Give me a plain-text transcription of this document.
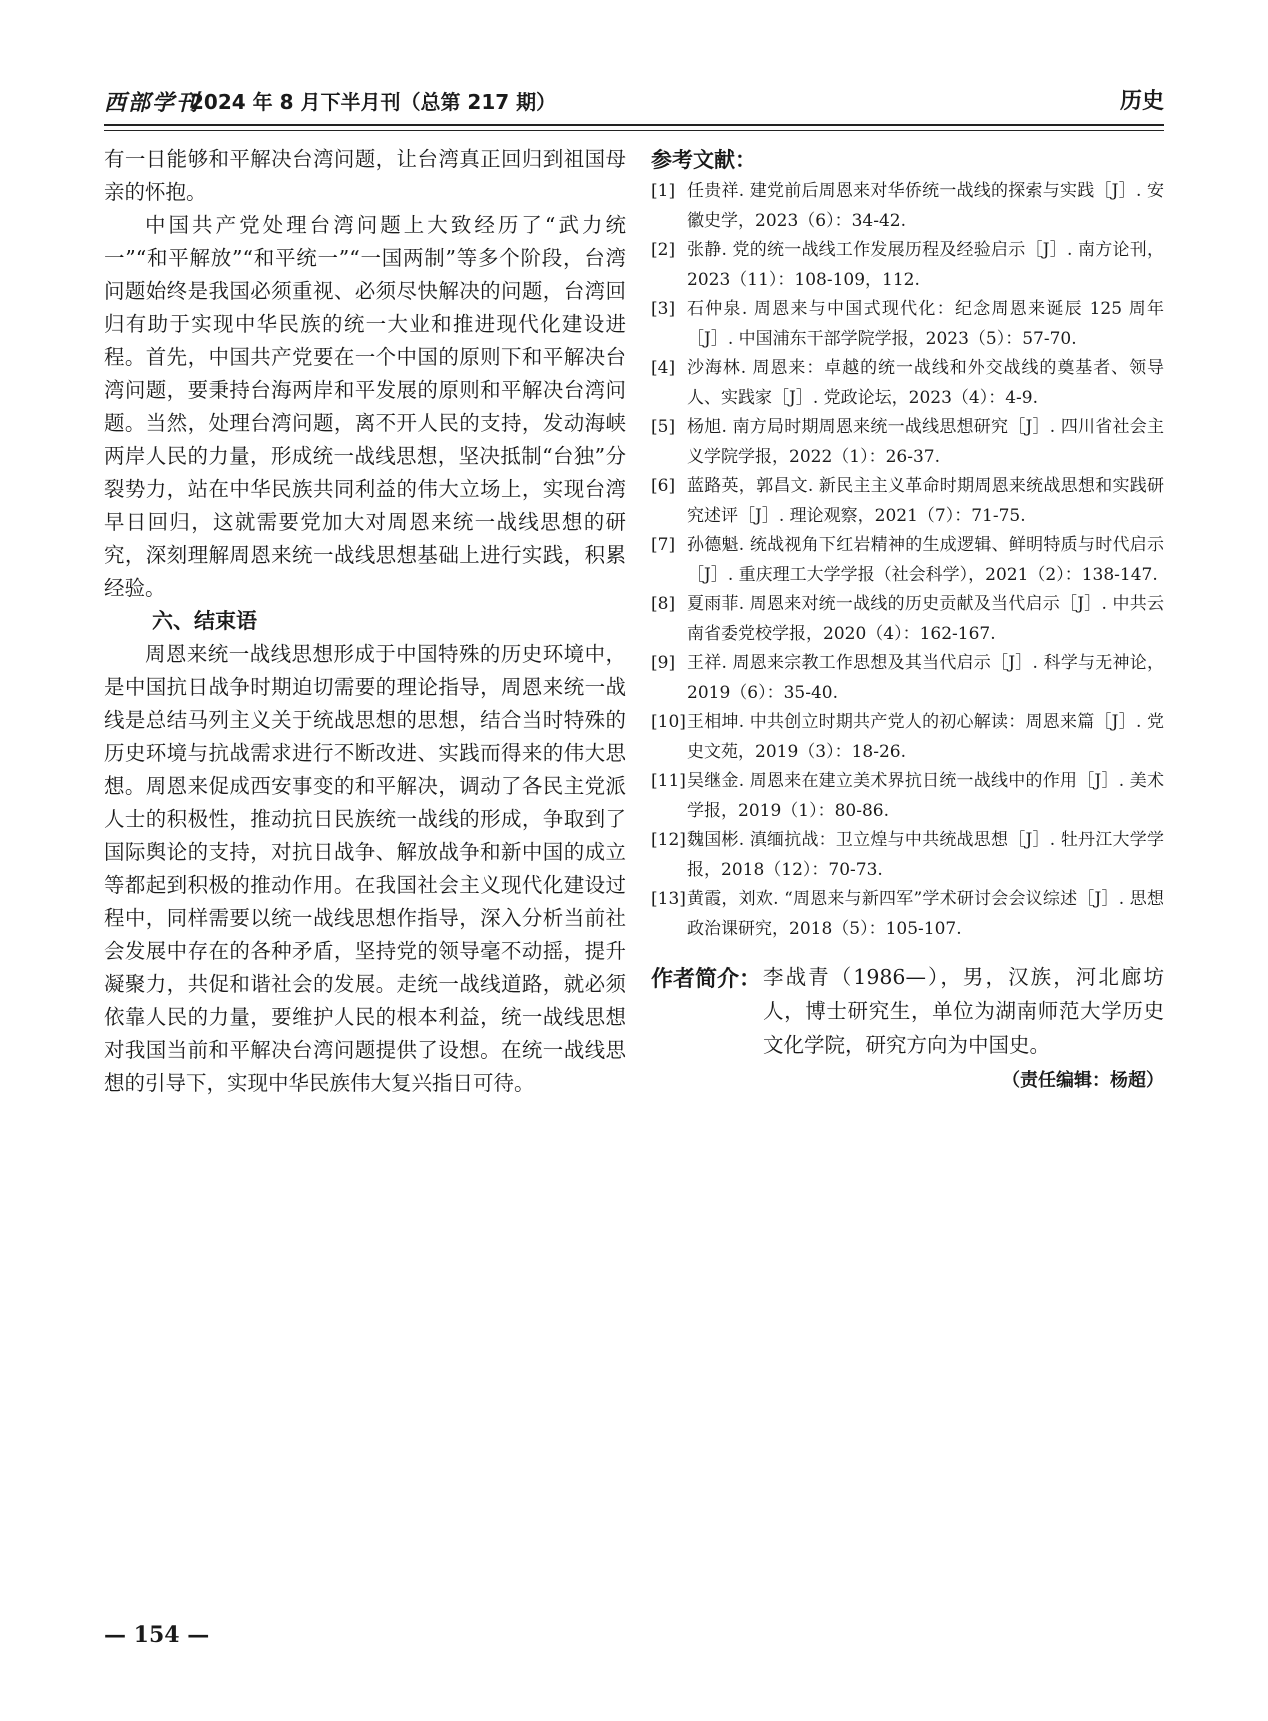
西部学刊
2024 年 8 月下半月刊（总第 217 期）	历史

有一日能够和平解决台湾问题，让台湾真正回归到祖国母亲的怀抱。

中国共产党处理台湾问题上大致经历了“武力统一”“和平解放”“和平统一”“一国两制”等多个阶段，台湾问题始终是我国必须重视、必须尽快解决的问题，台湾回归有助于实现中华民族的统一大业和推进现代化建设进程。首先，中国共产党要在一个中国的原则下和平解决台湾问题，要秉持台海两岸和平发展的原则和平解决台湾问题。当然，处理台湾问题，离不开人民的支持，发动海峡两岸人民的力量，形成统一战线思想，坚决抵制“台独”分裂势力，站在中华民族共同利益的伟大立场上，实现台湾早日回归，这就需要党加大对周恩来统一战线思想的研究，深刻理解周恩来统一战线思想基础上进行实践，积累经验。

六、结束语

周恩来统一战线思想形成于中国特殊的历史环境中，是中国抗日战争时期迫切需要的理论指导，周恩来统一战线是总结马列主义关于统战思想的思想，结合当时特殊的历史环境与抗战需求进行不断改进、实践而得来的伟大思想。周恩来促成西安事变的和平解决，调动了各民主党派人士的积极性，推动抗日民族统一战线的形成，争取到了国际舆论的支持，对抗日战争、解放战争和新中国的成立等都起到积极的推动作用。在我国社会主义现代化建设过程中，同样需要以统一战线思想作指导，深入分析当前社会发展中存在的各种矛盾，坚持党的领导毫不动摇，提升凝聚力，共促和谐社会的发展。走统一战线道路，就必须依靠人民的力量，要维护人民的根本利益，统一战线思想对我国当前和平解决台湾问题提供了设想。在统一战线思想的引导下，实现中华民族伟大复兴指日可待。

参考文献：

[1] 任贵祥. 建党前后周恩来对华侨统一战线的探索与实践［J］. 安徽史学，2023（6）：34-42.
[2] 张静. 党的统一战线工作发展历程及经验启示［J］. 南方论刊，2023（11）：108-109，112.
[3] 石仲泉. 周恩来与中国式现代化：纪念周恩来诞辰 125 周年［J］. 中国浦东干部学院学报，2023（5）：57-70.
[4] 沙海林. 周恩来：卓越的统一战线和外交战线的奠基者、领导人、实践家［J］. 党政论坛，2023（4）：4-9.
[5] 杨旭. 南方局时期周恩来统一战线思想研究［J］. 四川省社会主义学院学报，2022（1）：26-37.
[6] 蓝路英，郭昌文. 新民主主义革命时期周恩来统战思想和实践研究述评［J］. 理论观察，2021（7）：71-75.
[7] 孙德魁. 统战视角下红岩精神的生成逻辑、鲜明特质与时代启示［J］. 重庆理工大学学报（社会科学），2021（2）：138-147.
[8] 夏雨菲. 周恩来对统一战线的历史贡献及当代启示［J］. 中共云南省委党校学报，2020（4）：162-167.
[9] 王祥. 周恩来宗教工作思想及其当代启示［J］. 科学与无神论，2019（6）：35-40.
[10] 王相坤. 中共创立时期共产党人的初心解读：周恩来篇［J］. 党史文苑，2019（3）：18-26.
[11] 吴继金. 周恩来在建立美术界抗日统一战线中的作用［J］. 美术学报，2019（1）：80-86.
[12] 魏国彬. 滇缅抗战：卫立煌与中共统战思想［J］. 牡丹江大学学报，2018（12）：70-73.
[13] 黄霞，刘欢. “周恩来与新四军”学术研讨会会议综述［J］. 思想政治课研究，2018（5）：105-107.
作者简介： 李战青（1986—），男，汉族，河北廊坊人，博士研究生，单位为湖南师范大学历史文化学院，研究方向为中国史。
（责任编辑：杨超）
— 154 —
